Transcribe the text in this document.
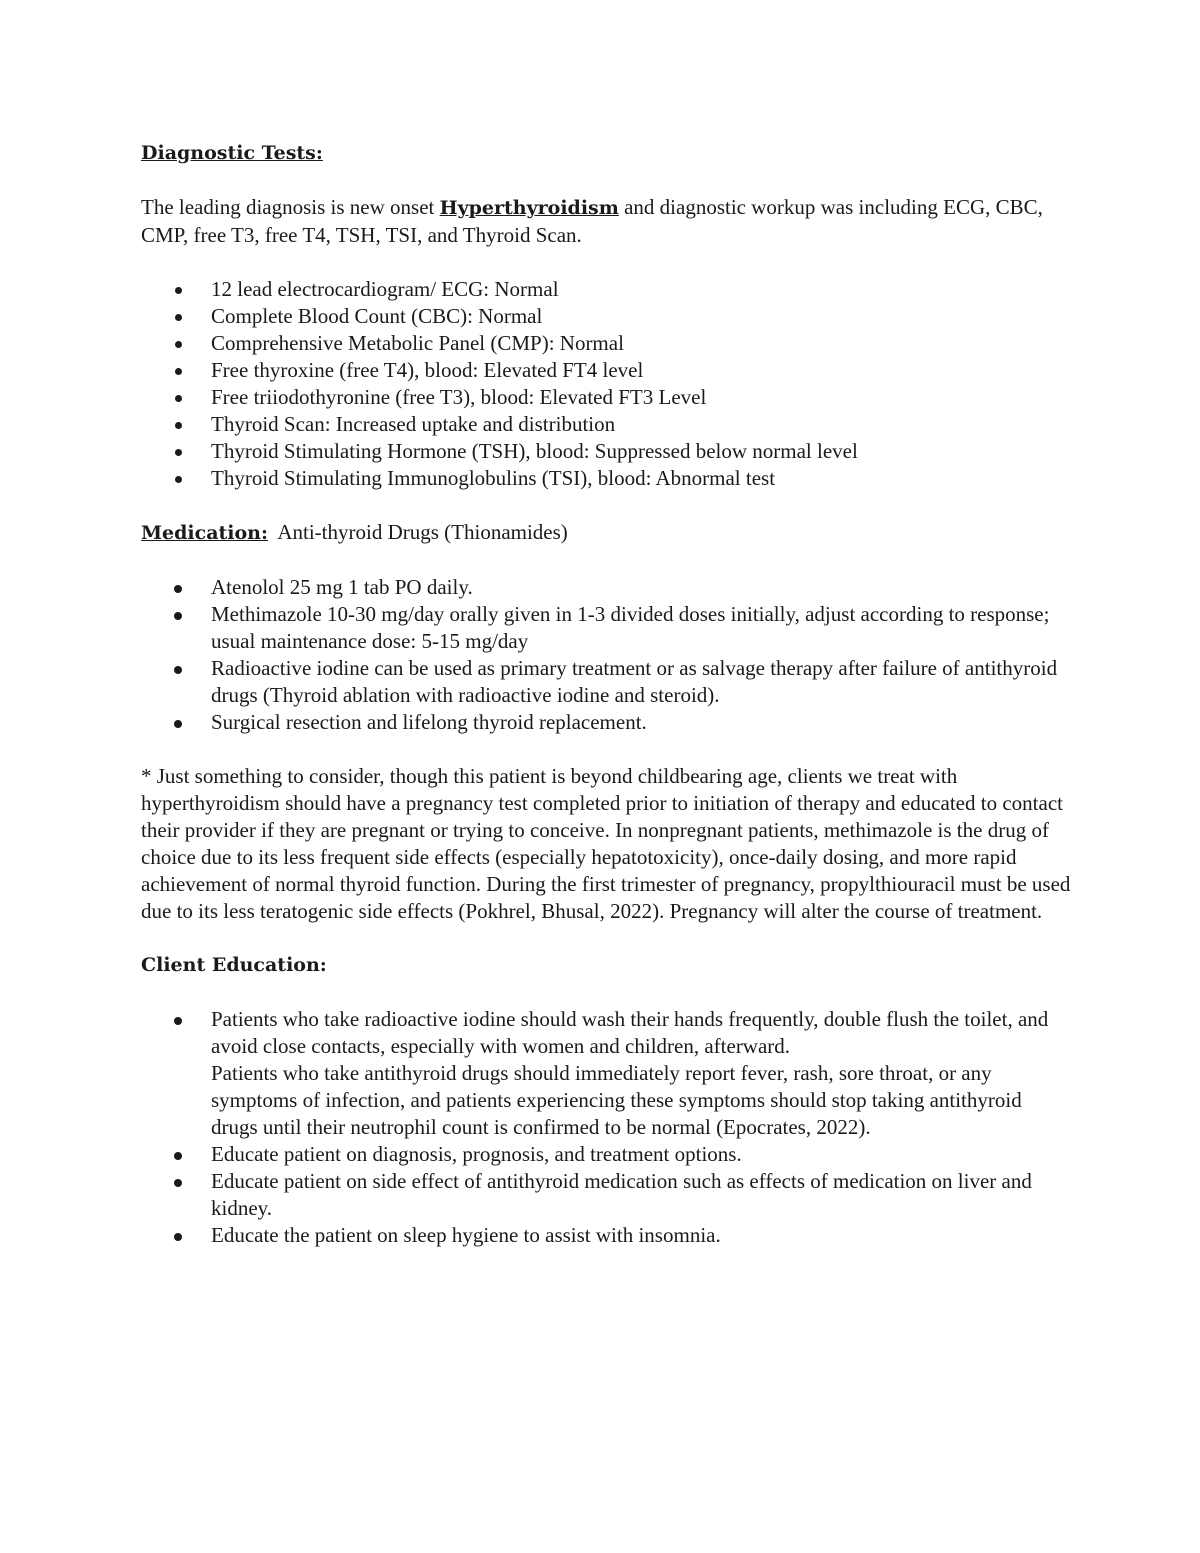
Diagnostic Tests:

The leading diagnosis is new onset Hyperthyroidism and diagnostic workup was including ECG, CBC, CMP, free T3, free T4, TSH, TSI, and Thyroid Scan.

12 lead electrocardiogram/ ECG: Normal
Complete Blood Count (CBC): Normal
Comprehensive Metabolic Panel (CMP): Normal
Free thyroxine (free T4), blood: Elevated FT4 level
Free triiodothyronine (free T3), blood: Elevated FT3 Level
Thyroid Scan: Increased uptake and distribution
Thyroid Stimulating Hormone (TSH), blood: Suppressed below normal level
Thyroid Stimulating Immunoglobulins (TSI), blood: Abnormal test

Medication:  Anti-thyroid Drugs (Thionamides)

Atenolol 25 mg 1 tab PO daily.
Methimazole 10-30 mg/day orally given in 1-3 divided doses initially, adjust according to response; usual maintenance dose: 5-15 mg/day
Radioactive iodine can be used as primary treatment or as salvage therapy after failure of antithyroid drugs (Thyroid ablation with radioactive iodine and steroid).
Surgical resection and lifelong thyroid replacement.

* Just something to consider, though this patient is beyond childbearing age, clients we treat with hyperthyroidism should have a pregnancy test completed prior to initiation of therapy and educated to contact their provider if they are pregnant or trying to conceive. In nonpregnant patients, methimazole is the drug of choice due to its less frequent side effects (especially hepatotoxicity), once-daily dosing, and more rapid achievement of normal thyroid function. During the first trimester of pregnancy, propylthiouracil must be used due to its less teratogenic side effects (Pokhrel, Bhusal, 2022). Pregnancy will alter the course of treatment.

Client Education:

Patients who take radioactive iodine should wash their hands frequently, double flush the toilet, and avoid close contacts, especially with women and children, afterward.
Patients who take antithyroid drugs should immediately report fever, rash, sore throat, or any symptoms of infection, and patients experiencing these symptoms should stop taking antithyroid drugs until their neutrophil count is confirmed to be normal (Epocrates, 2022).
Educate patient on diagnosis, prognosis, and treatment options.
Educate patient on side effect of antithyroid medication such as effects of medication on liver and kidney.
Educate the patient on sleep hygiene to assist with insomnia.
